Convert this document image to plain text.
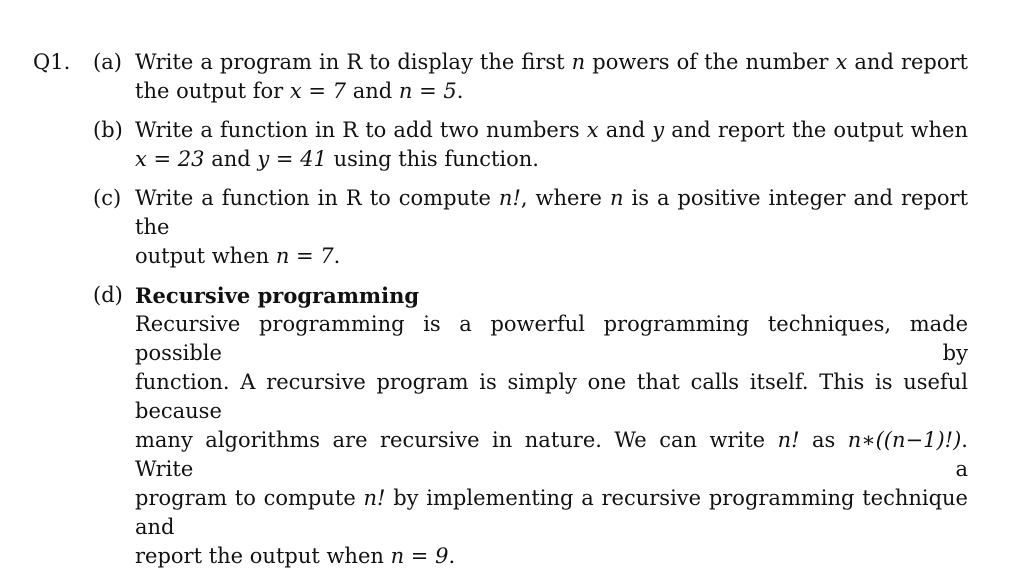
Q1. (a) Write a program in R to display the first n powers of the number x and report
the output for x = 7 and n = 5.
(b) Write a function in R to add two numbers x and y and report the output when
x = 23 and y = 41 using this function.
(c) Write a function in R to compute n!, where n is a positive integer and report the
output when n = 7.
(d) Recursive programming
Recursive programming is a powerful programming techniques, made possible by
function. A recursive program is simply one that calls itself. This is useful because
many algorithms are recursive in nature. We can write n! as n∗((n−1)!). Write a
program to compute n! by implementing a recursive programming technique and
report the output when n = 9.
